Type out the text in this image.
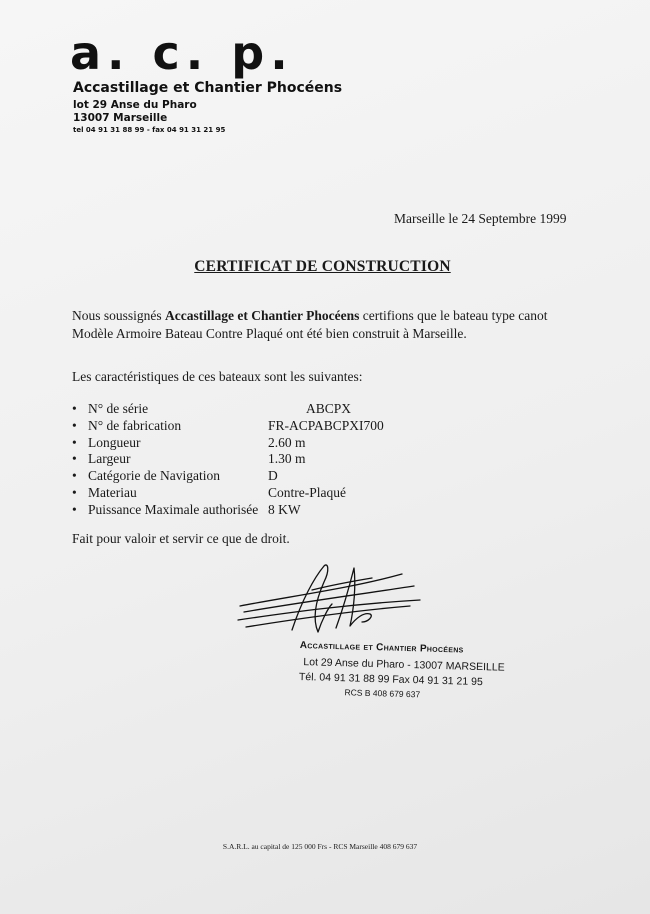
a. c. p.
Accastillage et Chantier Phocéens
lot 29 Anse du Pharo
13007 Marseille
tel 04 91 31 88 99 - fax 04 91 31 21 95
Marseille le 24 Septembre 1999
CERTIFICAT DE CONSTRUCTION
Nous soussignés Accastillage et Chantier Phocéens certifions que le bateau type canot Modèle Armoire Bateau Contre Plaqué ont été bien construit à Marseille.
Les caractéristiques de ces bateaux sont les suivantes:
• N° de série	ABCPX
• N° de fabrication	FR-ACPABCPXI700
• Longueur	2.60 m
• Largeur	1.30 m
• Catégorie de Navigation	D
• Materiau	Contre-Plaqué
• Puissance Maximale authorisée 8 KW
Fait pour valoir et servir ce que de droit.
Accastillage et Chantier Phocéens
Lot 29 Anse du Pharo - 13007 MARSEILLE
Tél. 04 91 31 88 99 Fax 04 91 31 21 95
RCS B 408 679 637
S.A.R.L. au capital de 125 000 Frs - RCS Marseille 408 679 637
